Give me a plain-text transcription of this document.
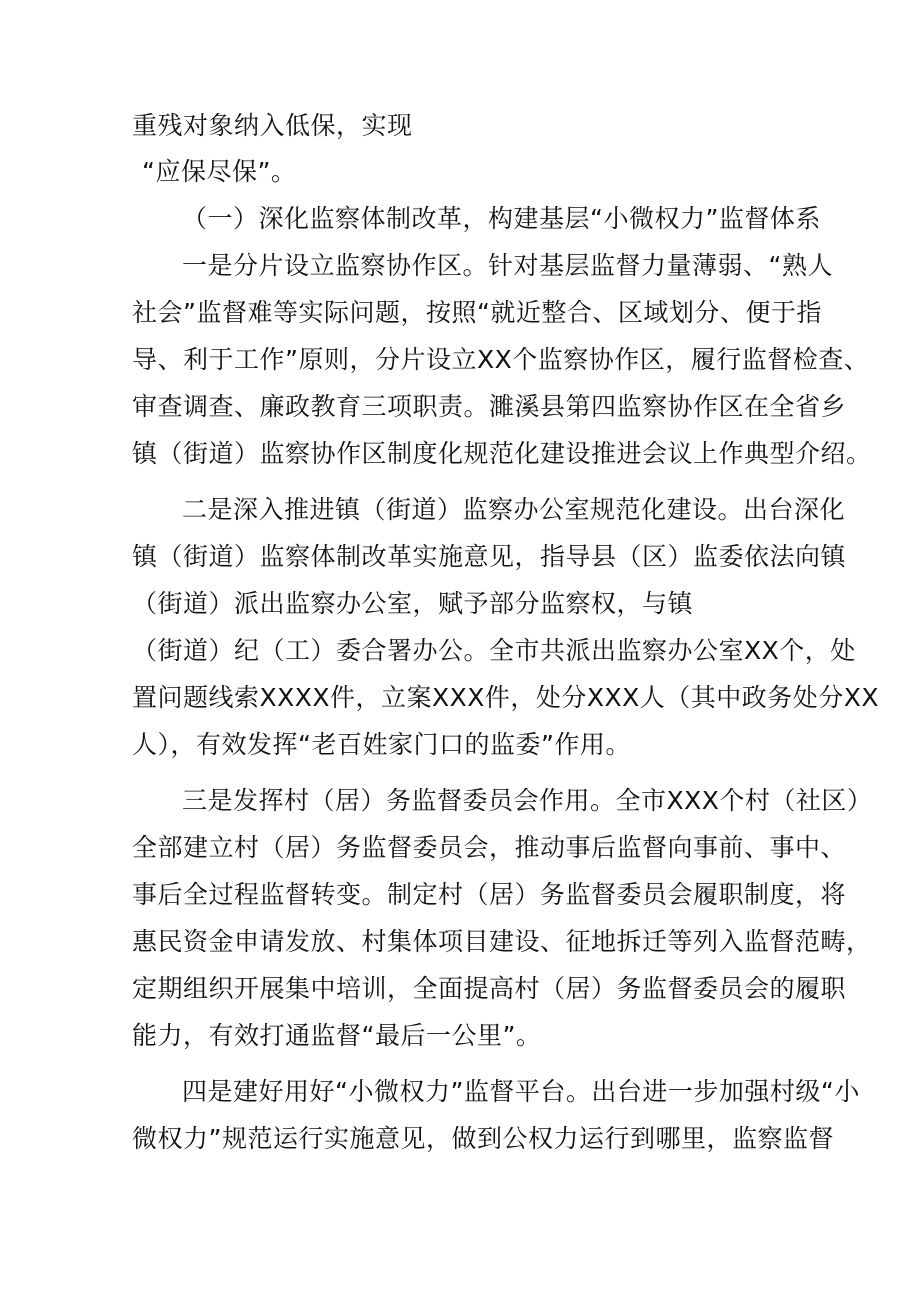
重残对象纳入低保，实现
“应保尽保”。
（一）深化监察体制改革，构建基层“小微权力”监督体系
一是分片设立监察协作区。针对基层监督力量薄弱、“熟人
社会”监督难等实际问题，按照“就近整合、区域划分、便于指
导、利于工作”原则，分片设立XX个监察协作区，履行监督检查、
审查调查、廉政教育三项职责。濉溪县第四监察协作区在全省乡
镇（街道）监察协作区制度化规范化建设推进会议上作典型介绍。
二是深入推进镇（街道）监察办公室规范化建设。出台深化
镇（街道）监察体制改革实施意见，指导县（区）监委依法向镇
（街道）派出监察办公室，赋予部分监察权，与镇
（街道）纪（工）委合署办公。全市共派出监察办公室XX个，处
置问题线索XXXX件，立案XXX件，处分XXX人（其中政务处分XX
人），有效发挥“老百姓家门口的监委”作用。
三是发挥村（居）务监督委员会作用。全市XXX个村（社区）
全部建立村（居）务监督委员会，推动事后监督向事前、事中、
事后全过程监督转变。制定村（居）务监督委员会履职制度，将
惠民资金申请发放、村集体项目建设、征地拆迁等列入监督范畴，
定期组织开展集中培训，全面提高村（居）务监督委员会的履职
能力，有效打通监督“最后一公里”。
四是建好用好“小微权力”监督平台。出台进一步加强村级“小
微权力”规范运行实施意见，做到公权力运行到哪里，监察监督
